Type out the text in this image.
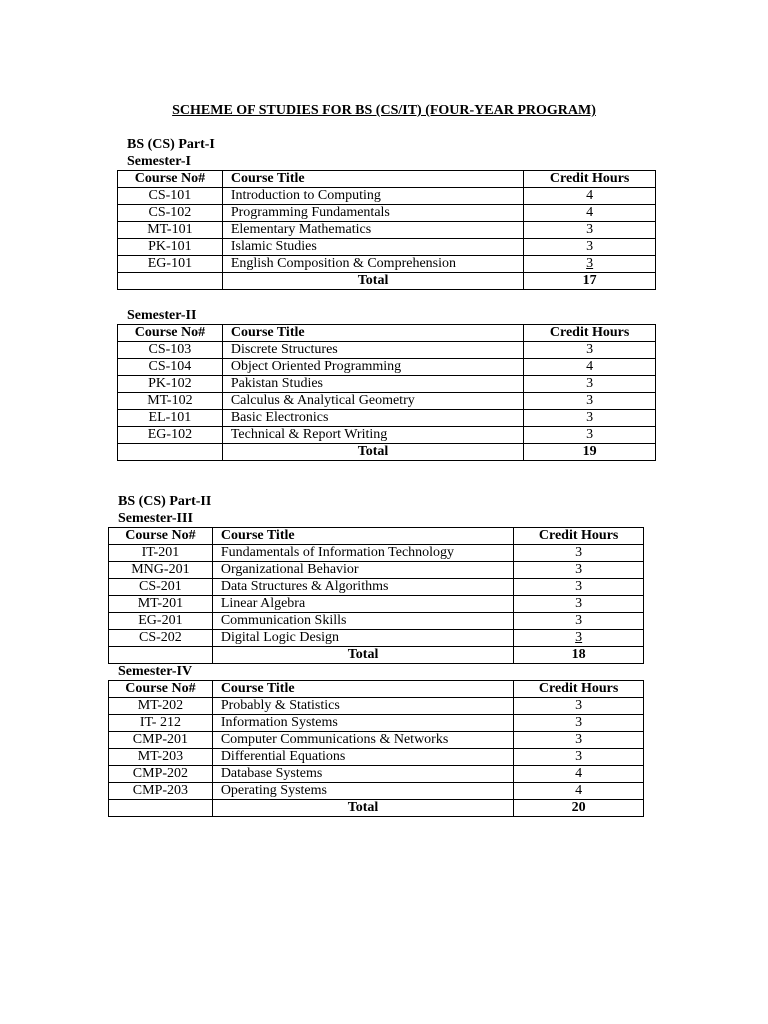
SCHEME OF STUDIES FOR BS (CS/IT) (FOUR-YEAR PROGRAM)
BS (CS) Part-I
Semester-I
Course No#	Course Title	Credit Hours
CS-101	Introduction to Computing	4
CS-102	Programming Fundamentals	4
MT-101	Elementary Mathematics	3
PK-101	Islamic Studies	3
EG-101	English Composition & Comprehension	3
	Total	17
Semester-II
Course No#	Course Title	Credit Hours
CS-103	Discrete Structures	3
CS-104	Object Oriented Programming	4
PK-102	Pakistan Studies	3
MT-102	Calculus & Analytical Geometry	3
EL-101	Basic Electronics	3
EG-102	Technical & Report Writing	3
	Total	19
BS (CS) Part-II
Semester-III
Course No#	Course Title	Credit Hours
IT-201	Fundamentals of Information Technology	3
MNG-201	Organizational Behavior	3
CS-201	Data Structures & Algorithms	3
MT-201	Linear Algebra	3
EG-201	Communication Skills	3
CS-202	Digital Logic Design	3
	Total	18
Semester-IV
Course No#	Course Title	Credit Hours
MT-202	Probably & Statistics	3
IT- 212	Information Systems	3
CMP-201	Computer Communications & Networks	3
MT-203	Differential Equations	3
CMP-202	Database Systems	4
CMP-203	Operating Systems	4
	Total	20
